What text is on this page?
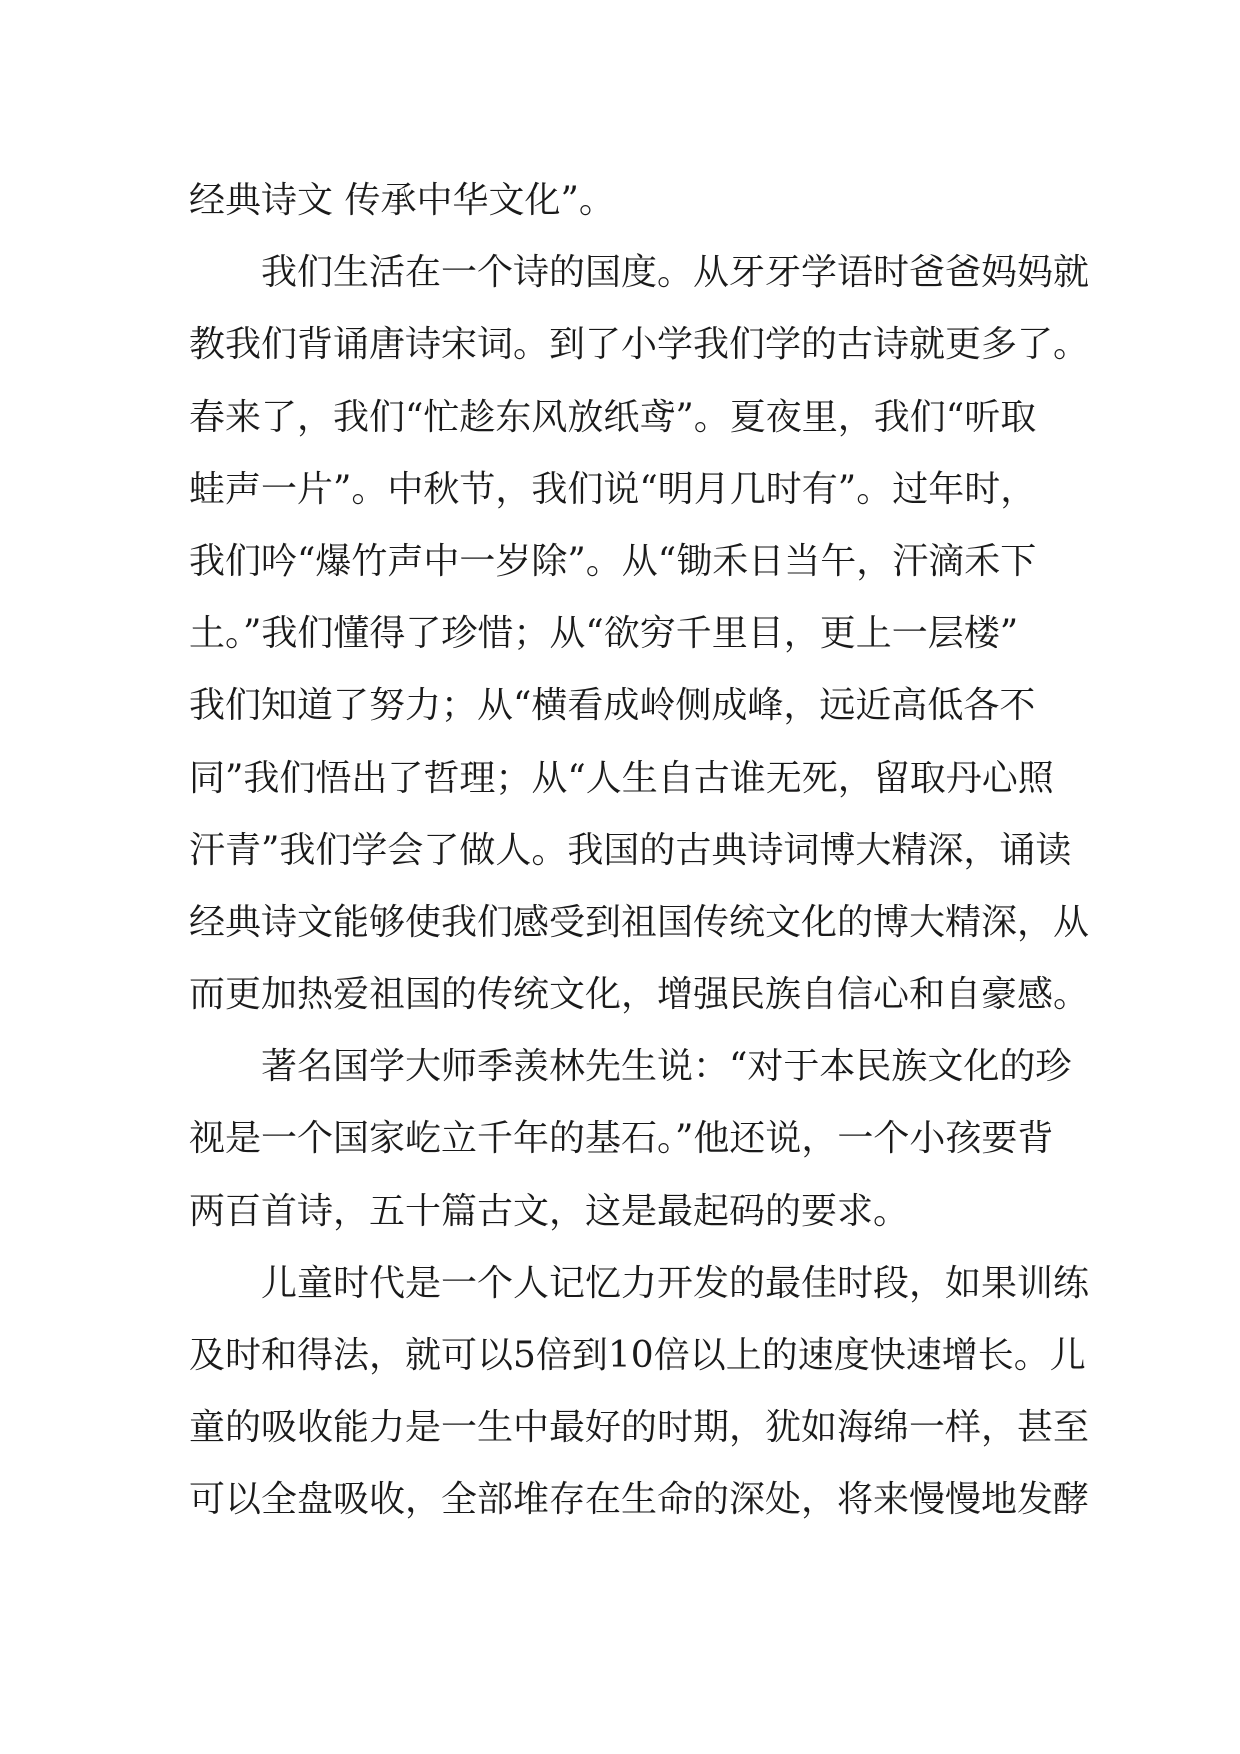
经典诗文 传承中华文化”。
我们生活在一个诗的国度。从牙牙学语时爸爸妈妈就
教我们背诵唐诗宋词。到了小学我们学的古诗就更多了。
春来了，我们“忙趁东风放纸鸢”。夏夜里，我们“听取
蛙声一片”。中秋节，我们说“明月几时有”。过年时，
我们吟“爆竹声中一岁除”。从“锄禾日当午，汗滴禾下
土。”我们懂得了珍惜；从“欲穷千里目，更上一层楼”
我们知道了努力；从“横看成岭侧成峰，远近高低各不
同”我们悟出了哲理；从“人生自古谁无死，留取丹心照
汗青”我们学会了做人。我国的古典诗词博大精深，诵读
经典诗文能够使我们感受到祖国传统文化的博大精深，从
而更加热爱祖国的传统文化，增强民族自信心和自豪感。
著名国学大师季羡林先生说：“对于本民族文化的珍
视是一个国家屹立千年的基石。”他还说，一个小孩要背
两百首诗，五十篇古文，这是最起码的要求。
儿童时代是一个人记忆力开发的最佳时段，如果训练
及时和得法，就可以5倍到10倍以上的速度快速增长。儿
童的吸收能力是一生中最好的时期，犹如海绵一样，甚至
可以全盘吸收，全部堆存在生命的深处，将来慢慢地发酵
